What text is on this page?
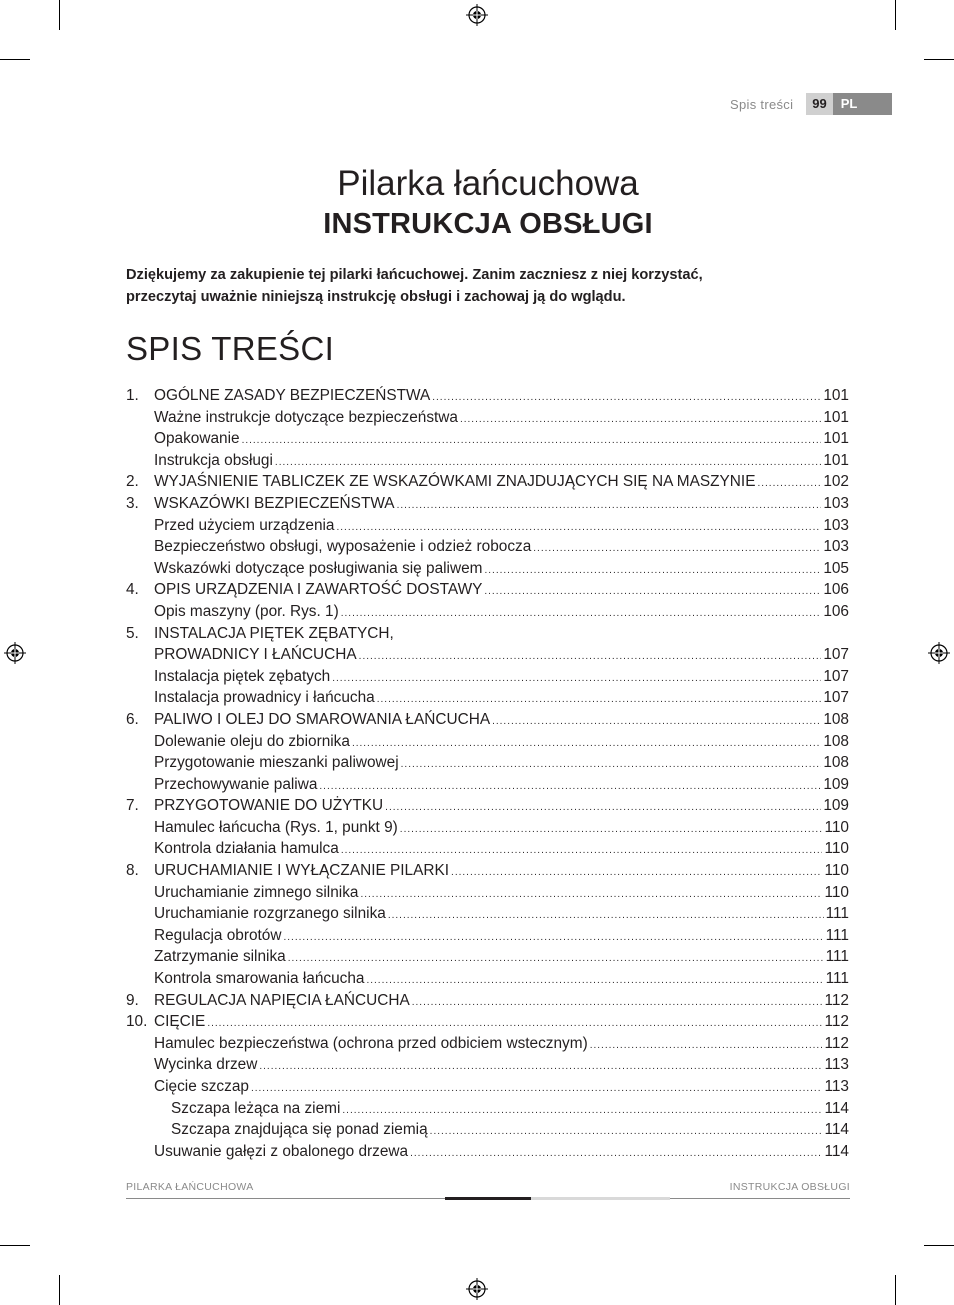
Spis treści	99	PL
Pilarka łańcuchowa
INSTRUKCJA OBSŁUGI
Dziękujemy za zakupienie tej pilarki łańcuchowej. Zanim zaczniesz z niej korzystać,
przeczytaj uważnie niniejszą instrukcję obsługi i zachowaj ją do wglądu.
SPIS TREŚCI
1. OGÓLNE ZASADY BEZPIECZEŃSTWA .....	101
Ważne instrukcje dotyczące bezpieczeństwa .....	101
Opakowanie .....	101
Instrukcja obsługi .....	101
2. WYJAŚNIENIE TABLICZEK ZE WSKAZÓWKAMI ZNAJDUJĄCYCH SIĘ NA MASZYNIE .....	102
3. WSKAZÓWKI BEZPIECZEŃSTWA .....	103
Przed użyciem urządzenia .....	103
Bezpieczeństwo obsługi, wyposażenie i odzież robocza .....	103
Wskazówki dotyczące posługiwania się paliwem .....	105
4. OPIS URZĄDZENIA I ZAWARTOŚĆ DOSTAWY .....	106
Opis maszyny (por. Rys. 1) .....	106
5. INSTALACJA PIĘTEK ZĘBATYCH,
PROWADNICY I ŁAŃCUCHA .....	107
Instalacja piętek zębatych .....	107
Instalacja prowadnicy i łańcucha .....	107
6. PALIWO I OLEJ DO SMAROWANIA ŁAŃCUCHA .....	108
Dolewanie oleju do zbiornika .....	108
Przygotowanie mieszanki paliwowej .....	108
Przechowywanie paliwa .....	109
7. PRZYGOTOWANIE DO UŻYTKU .....	109
Hamulec łańcucha (Rys. 1, punkt 9) .....	110
Kontrola działania hamulca .....	110
8. URUCHAMIANIE I WYŁĄCZANIE PILARKI .....	110
Uruchamianie zimnego silnika .....	110
Uruchamianie rozgrzanego silnika .....	111
Regulacja obrotów .....	111
Zatrzymanie silnika .....	111
Kontrola smarowania łańcucha .....	111
9. REGULACJA NAPIĘCIA ŁAŃCUCHA .....	112
10. CIĘCIE .....	112
Hamulec bezpieczeństwa (ochrona przed odbiciem wstecznym) .....	112
Wycinka drzew .....	113
Cięcie szczap .....	113
Szczapa leżąca na ziemi .....	114
Szczapa znajdująca się ponad ziemią .....	114
Usuwanie gałęzi z obalonego drzewa .....	114
PILARKA ŁAŃCUCHOWA	INSTRUKCJA OBSŁUGI
